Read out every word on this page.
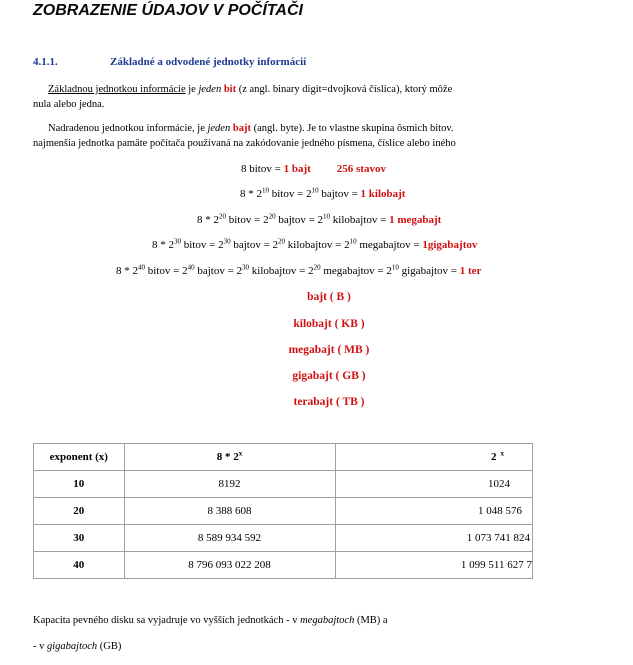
ZOBRAZENIE ÚDAJOV V POČÍTAČI
4.1.1.	Základné a odvodené jednotky informácií
Základnou jednotkou informácie je jeden bit (z angl. binary digit=dvojková číslica), ktorý môže
nula alebo jedna.
Nadradenou jednotkou informácie, je jeden bajt (angl. byte). Je to vlastne skupina ôsmich bitov.
najmenšia jednotka pamäte počítača používaná na zakódovanie jedného písmena, číslice alebo iného
8 bitov = 1 bajt 256 stavov
$8 * 2^{10}$ bitov = $2^{10}$ bajtov = 1 kilobajt
$8 * 2^{20}$ bitov = $2^{20}$ bajtov = $2^{10}$ kilobajtov = 1 megabajt
$8 * 2^{30}$ bitov = $2^{30}$ bajtov = $2^{20}$ kilobajtov = $2^{10}$ megabajtov = 1gigabajtov
$8 * 2^{40}$ bitov = $2^{40}$ bajtov = $2^{30}$ kilobajtov = $2^{20}$ megabajtov = $2^{10}$ gigabajtov = 1 ter
bajt ( B )
kilobajt ( KB )
megabajt ( MB )
gigabajt ( GB )
terabajt ( TB )
exponent (x)	8 * 2$^x$	2 $^x$
10	8192	1024
20	8 388 608	1 048 576
30	8 589 934 592	1 073 741 824
40	8 796 093 022 208	1 099 511 627 7
Kapacita pevného disku sa vyjadruje vo vyšších jednotkách - v megabajtoch (MB) a
- v gigabajtoch (GB)
